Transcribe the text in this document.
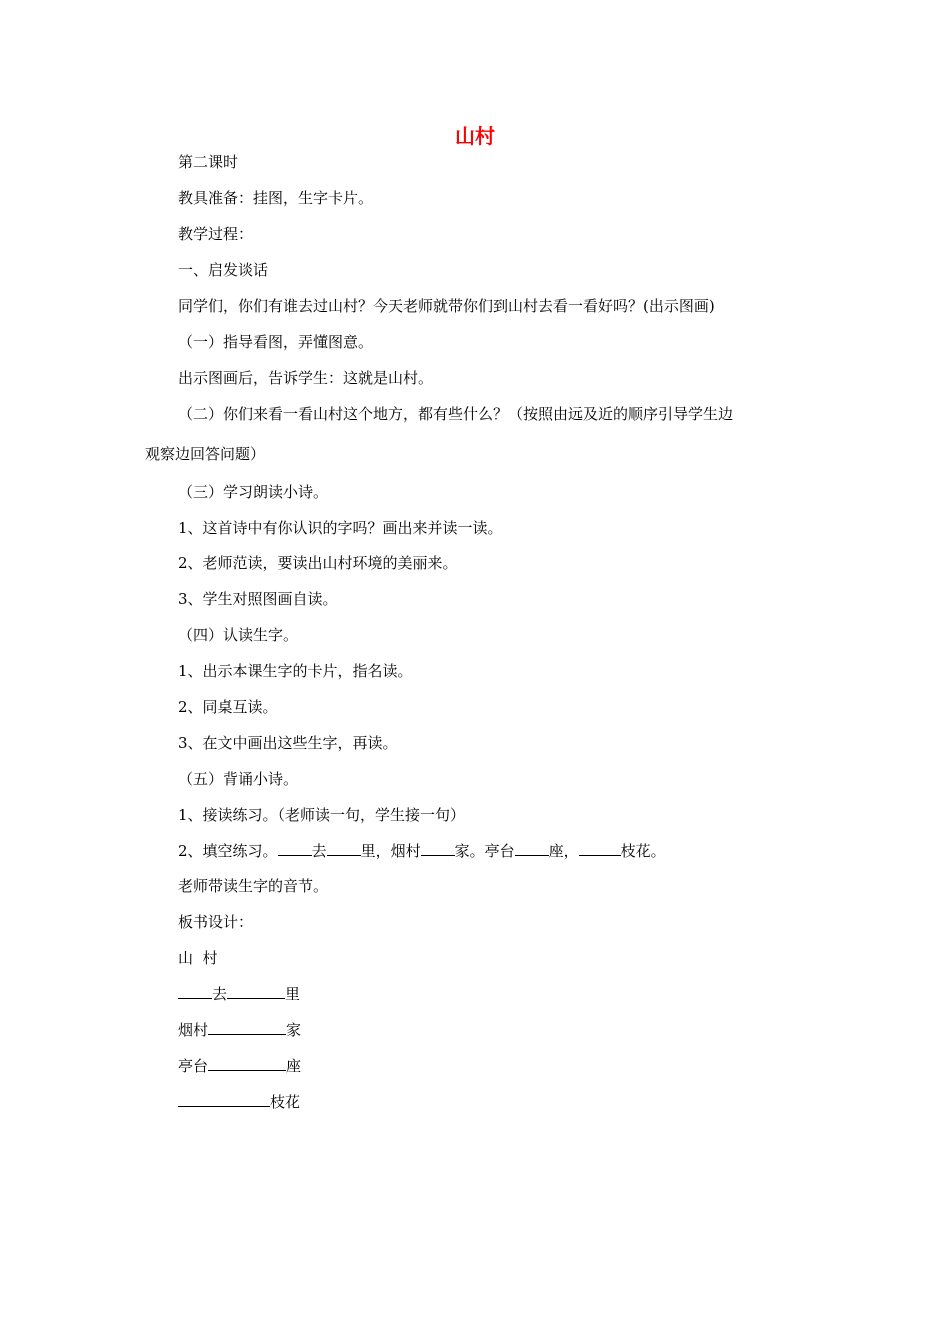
山村
第二课时
教具准备：挂图，生字卡片。
教学过程：
一、启发谈话
同学们，你们有谁去过山村？今天老师就带你们到山村去看一看好吗？(出示图画)
（一）指导看图，弄懂图意。
出示图画后，告诉学生：这就是山村。
（二）你们来看一看山村这个地方，都有些什么？（按照由远及近的顺序引导学生边
观察边回答问题）
（三）学习朗读小诗。
1、这首诗中有你认识的字吗？画出来并读一读。
2、老师范读，要读出山村环境的美丽来。
3、学生对照图画自读。
（四）认读生字。
1、出示本课生字的卡片，指名读。
2、同桌互读。
3、在文中画出这些生字，再读。
（五）背诵小诗。
1、接读练习。（老师读一句，学生接一句）
2、填空练习。 去 里，烟村 家。亭台 座，	枝花。
老师带读生字的音节。
板书设计：
山  村
去	里
烟村	家
亭台	座
枝花
